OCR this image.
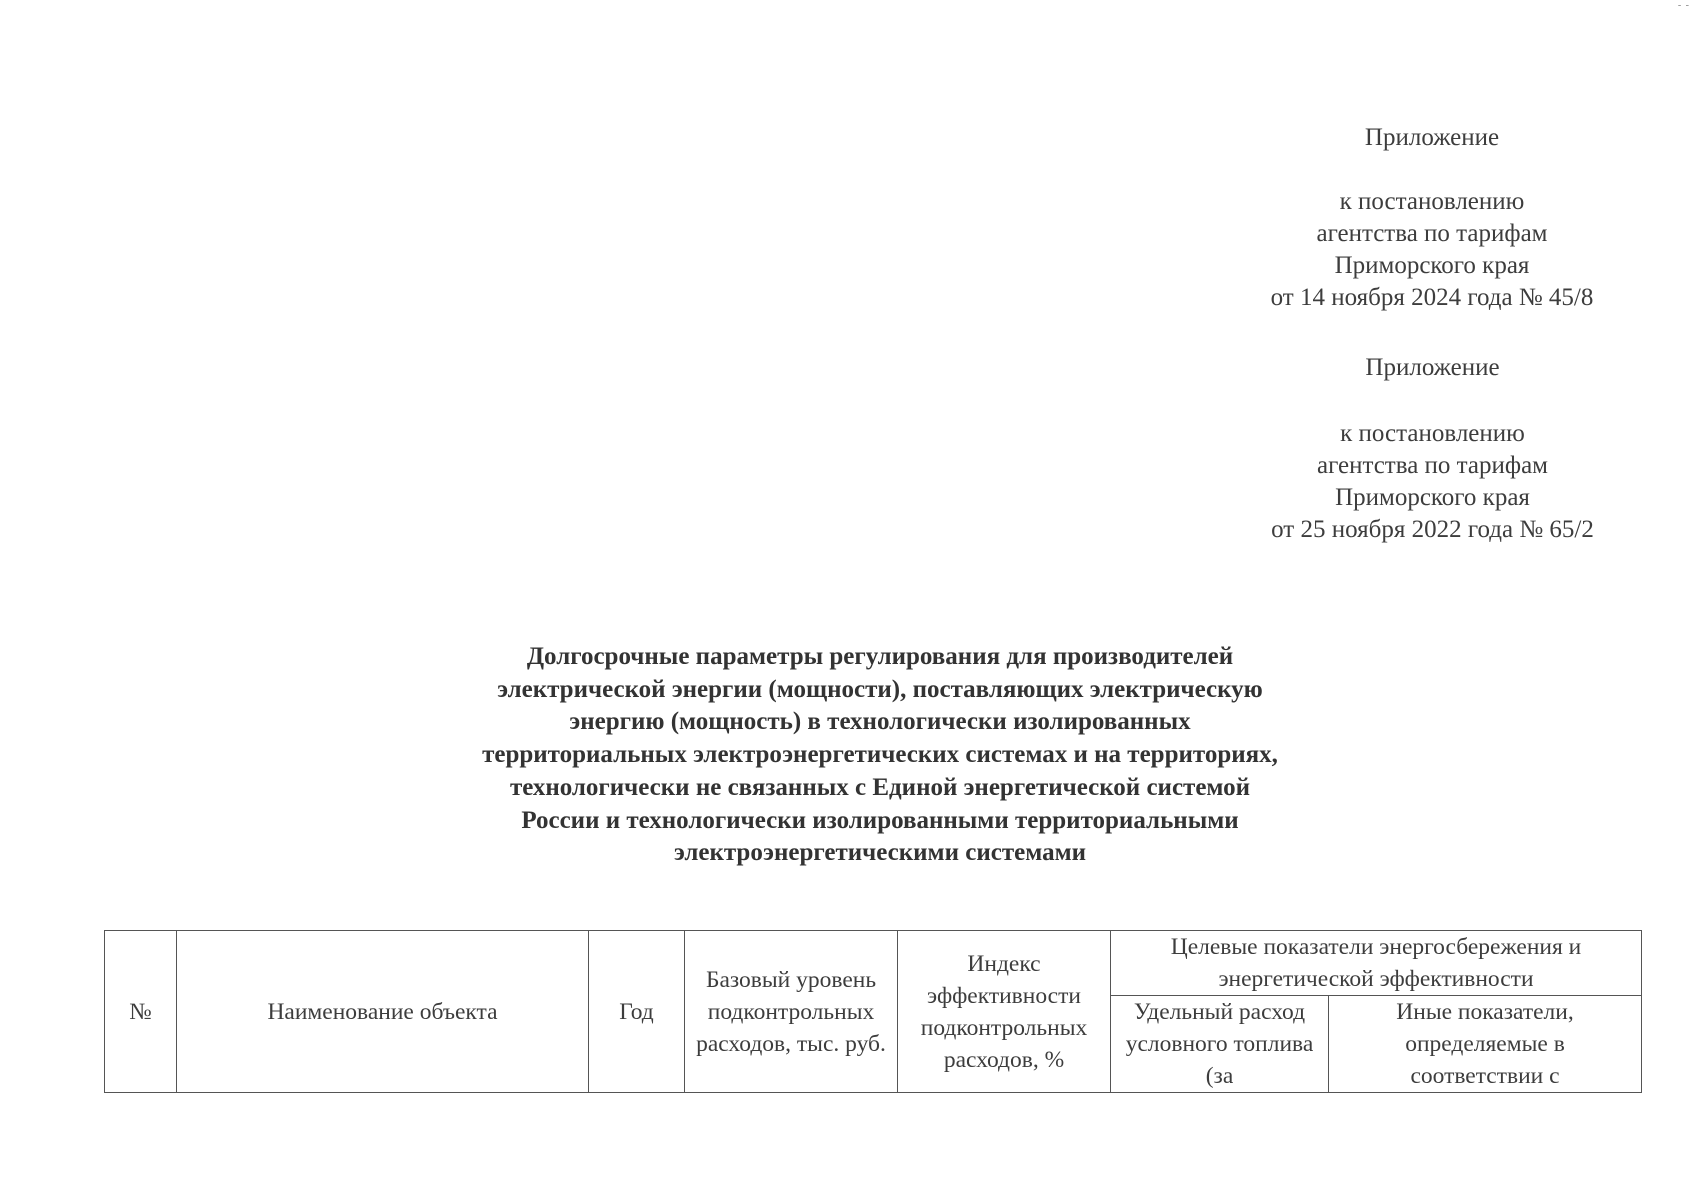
- -
Приложение
к постановлению
агентства по тарифам
Приморского края
от 14 ноября 2024 года № 45/8
Приложение
к постановлению
агентства по тарифам
Приморского края
от 25 ноября 2022 года № 65/2
Долгосрочные параметры регулирования для производителей
электрической энергии (мощности), поставляющих электрическую
энергию (мощность) в технологически изолированных
территориальных электроэнергетических системах и на территориях,
технологически не связанных с Единой энергетической системой
России и технологически изолированными территориальными
электроэнергетическими системами
№	Наименование объекта	Год	Базовый уровень подконтрольных расходов, тыс. руб.	Индекс эффективности подконтрольных расходов, %	Целевые показатели энергосбережения и энергетической эффективности	

					Удельный расход условного топлива (за	Иные показатели, определяемые в соответствии с
